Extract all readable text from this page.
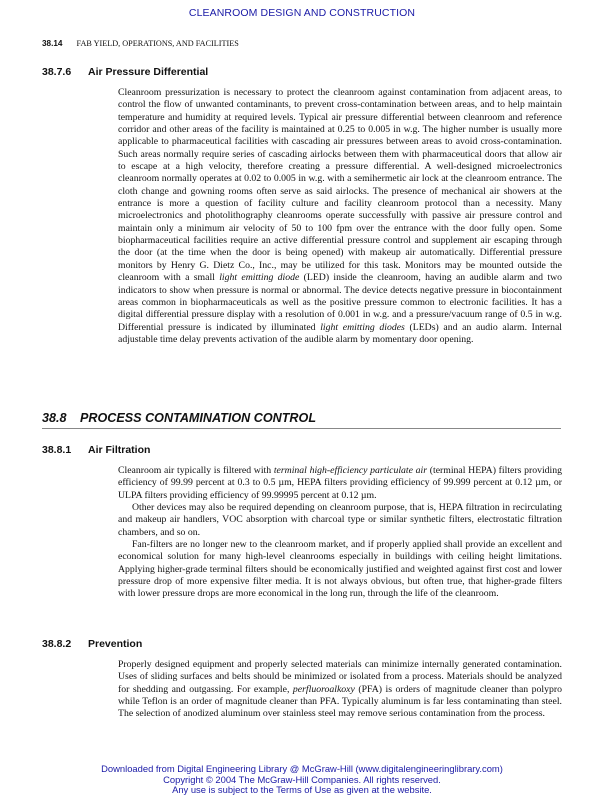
CLEANROOM DESIGN AND CONSTRUCTION
38.14 FAB YIELD, OPERATIONS, AND FACILITIES
38.7.6 Air Pressure Differential

Cleanroom pressurization is necessary to protect the cleanroom against contamination from adjacent areas, to control the flow of unwanted contaminants, to prevent cross-contamination between areas, and to help maintain temperature and humidity at required levels. Typical air pressure differential between cleanroom and reference corridor and other areas of the facility is maintained at 0.25 to 0.005 in w.g. The higher number is usually more applicable to pharmaceutical facilities with cascading air pressures between areas to avoid cross-contamination. Such areas normally require series of cascading airlocks between them with pharmaceutical doors that allow air to escape at a high velocity, therefore creating a pressure differential. A well-designed microelectronics cleanroom normally operates at 0.02 to 0.005 in w.g. with a semihermetic air lock at the cleanroom entrance. The cloth change and gowning rooms often serve as said airlocks. The presence of mechanical air showers at the entrance is more a question of facility culture and facility cleanroom protocol than a necessity. Many microelectronics and photolithography cleanrooms operate successfully with passive air pressure control and maintain only a minimum air velocity of 50 to 100 fpm over the entrance with the door fully open. Some biopharmaceutical facilities require an active differential pressure control and supplement air escaping through the door (at the time when the door is being opened) with makeup air automatically. Differential pressure monitors by Henry G. Dietz Co., Inc., may be utilized for this task. Monitors may be mounted outside the cleanroom with a small light emitting diode (LED) inside the cleanroom, having an audible alarm and two indicators to show when pressure is normal or abnormal. The device detects negative pressure in biocontainment areas common in biopharmaceuticals as well as the positive pressure common to electronic facilities. It has a digital differential pressure display with a resolution of 0.001 in w.g. and a pressure/vacuum range of 0.5 in w.g. Differential pressure is indicated by illuminated light emitting diodes (LEDs) and an audio alarm. Internal adjustable time delay prevents activation of the audible alarm by momentary door opening.

38.8 PROCESS CONTAMINATION CONTROL
38.8.1 Air Filtration

Cleanroom air typically is filtered with terminal high-efficiency particulate air (terminal HEPA) filters providing efficiency of 99.99 percent at 0.3 to 0.5 µm, HEPA filters providing efficiency of 99.999 percent at 0.12 µm, or ULPA filters providing efficiency of 99.99995 percent at 0.12 µm.

Other devices may also be required depending on cleanroom purpose, that is, HEPA filtration in recirculating and makeup air handlers, VOC absorption with charcoal type or similar synthetic filters, electrostatic filtration chambers, and so on.

Fan-filters are no longer new to the cleanroom market, and if properly applied shall provide an excellent and economical solution for many high-level cleanrooms especially in buildings with ceiling height limitations. Applying higher-grade terminal filters should be economically justified and weighted against first cost and lower pressure drop of more expensive filter media. It is not always obvious, but often true, that higher-grade filters with lower pressure drops are more economical in the long run, through the life of the cleanroom.

38.8.2 Prevention

Properly designed equipment and properly selected materials can minimize internally generated contamination. Uses of sliding surfaces and belts should be minimized or isolated from a process. Materials should be analyzed for shedding and outgassing. For example, perfluoroalkoxy (PFA) is orders of magnitude cleaner than polypro while Teflon is an order of magnitude cleaner than PFA. Typically aluminum is far less contaminating than steel. The selection of anodized aluminum over stainless steel may remove serious contamination from the process.

Downloaded from Digital Engineering Library @ McGraw-Hill (www.digitalengineeringlibrary.com)
Copyright © 2004 The McGraw-Hill Companies. All rights reserved.
Any use is subject to the Terms of Use as given at the website.
